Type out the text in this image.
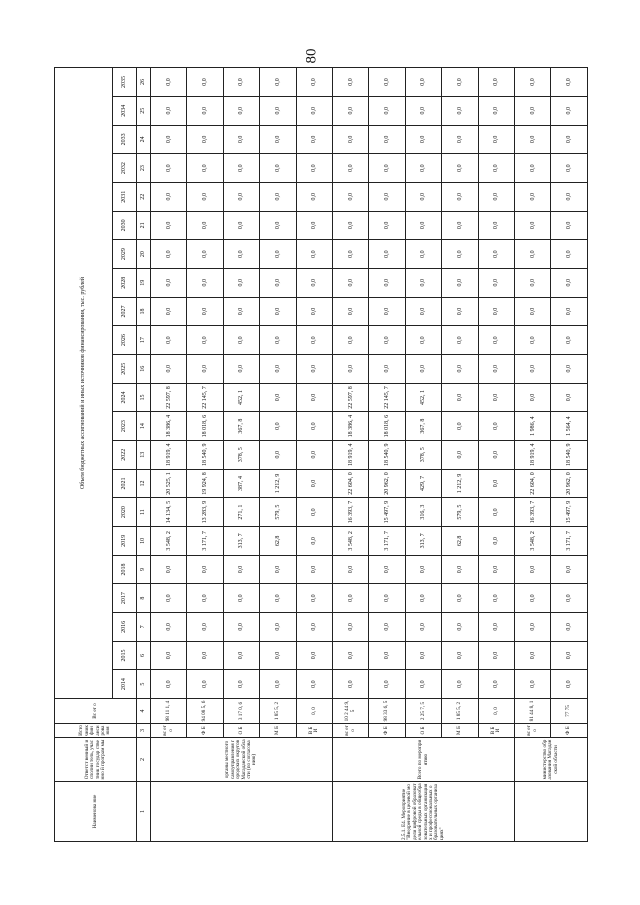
80
Наименова ние	Ответст венный исполни тель, участник государ ственно й програм мы	Источник финансирования	Вс ег о	Объем бюджетных ассигнований и иных источников финансирования, тыс. рублей																					
				2014	2015	2016	2017	2018	2019	2020	2021	2022	2023	2024	2025	2026	2027	2028	2029	2030	2031	2032	2033	2034	2035
1	2	3	4	5	6	7	8	9	10	11	12	13	14	15	16	17	18	19	20	21	22	23	24	25	26
	органы местного самоуправления городских округов Магаданской области (по согласованию)	вс ег о	98 11 1, 4	0,0	0,0	0,0	0,0	0,0	3 548, 2	14 134, 5	20 525, 1	18 919, 4	18 386, 4	22 597, 8	0,0	0,0	0,0	0,0	0,0	0,0	0,0	0,0	0,0	0,0	0,0
		Ф Б	94 08 5, 6	0,0	0,0	0,0	0,0	0,0	3 171, 7	13 283, 9	19 924, 8	18 540, 9	18 018, 6	22 145, 7	0,0	0,0	0,0	0,0	0,0	0,0	0,0	0,0	0,0	0,0	0,0
		О Б	3 17 0, 6	0,0	0,0	0,0	0,0	0,0	313, 7	271, 1	387, 4	378, 5	367, 8	452, 1	0,0	0,0	0,0	0,0	0,0	0,0	0,0	0,0	0,0	0,0	0,0
		М Б	1 85 5, 2	0,0	0,0	0,0	0,0	0,0	62,8	579, 5	1 212, 9	0,0	0,0	0,0	0,0	0,0	0,0	0,0	0,0	0,0	0,0	0,0	0,0	0,0	0,0
		В Б И	0, 0	0,0	0,0	0,0	0,0	0,0	0,0	0,0	0,0	0,0	0,0	0,0	0,0	0,0	0,0	0,0	0,0	0,0	0,0	0,0	0,0	0,0	0,0
2.5.1. Е4. Мероприятие "Внедрение в целевой модели цифровой образовательной среды в общеобразовательных организациях и профессиональных образовательных организациях"	Всего по мероприятию	вс ег о	10 2 44 9, 5	0,0	0,0	0,0	0,0	0,0	3 548, 2	16 393, 7	22 604, 0	18 919, 4	18 386, 4	22 597, 8	0,0	0,0	0,0	0,0	0,0	0,0	0,0	0,0	0,0	0,0	0,0
		Ф Б	98 33 6, 5	0,0	0,0	0,0	0,0	0,0	3 171, 7	15 497, 9	20 962, 0	18 540, 9	18 018, 6	22 145, 7	0,0	0,0	0,0	0,0	0,0	0,0	0,0	0,0	0,0	0,0	0,0
		О Б	2 25 7, 5	0,0	0,0	0,0	0,0	0,0	313, 7	316, 3	429, 7	378, 5	367, 8	452, 1	0,0	0,0	0,0	0,0	0,0	0,0	0,0	0,0	0,0	0,0	0,0
		М Б	1 85 5, 2	0,0	0,0	0,0	0,0	0,0	62,8	579, 5	1 212, 9	0,0	0,0	0,0	0,0	0,0	0,0	0,0	0,0	0,0	0,0	0,0	0,0	0,0	0,0
		В Б И	0, 0	0,0	0,0	0,0	0,0	0,0	0,0	0,0	0,0	0,0	0,0	0,0	0,0	0,0	0,0	0,0	0,0	0,0	0,0	0,0	0,0	0,0	0,0
	министерство образования Магаданской области	вс ег о	81 44 8, 1	0,0	0,0	0,0	0,0	0,0	3 548, 2	16 393, 7	22 604, 0	18 919, 4	1 986, 4	0,0	0,0	0,0	0,0	0,0	0,0	0,0	0,0	0,0	0,0	0,0	0,0
		Ф Б	77 75	0,0	0,0	0,0	0,0	0,0	3 171, 7	15 497, 9	20 962, 0	18 540, 9	1 564, 4	0,0	0,0	0,0	0,0	0,0	0,0	0,0	0,0	0,0	0,0	0,0	0,0
